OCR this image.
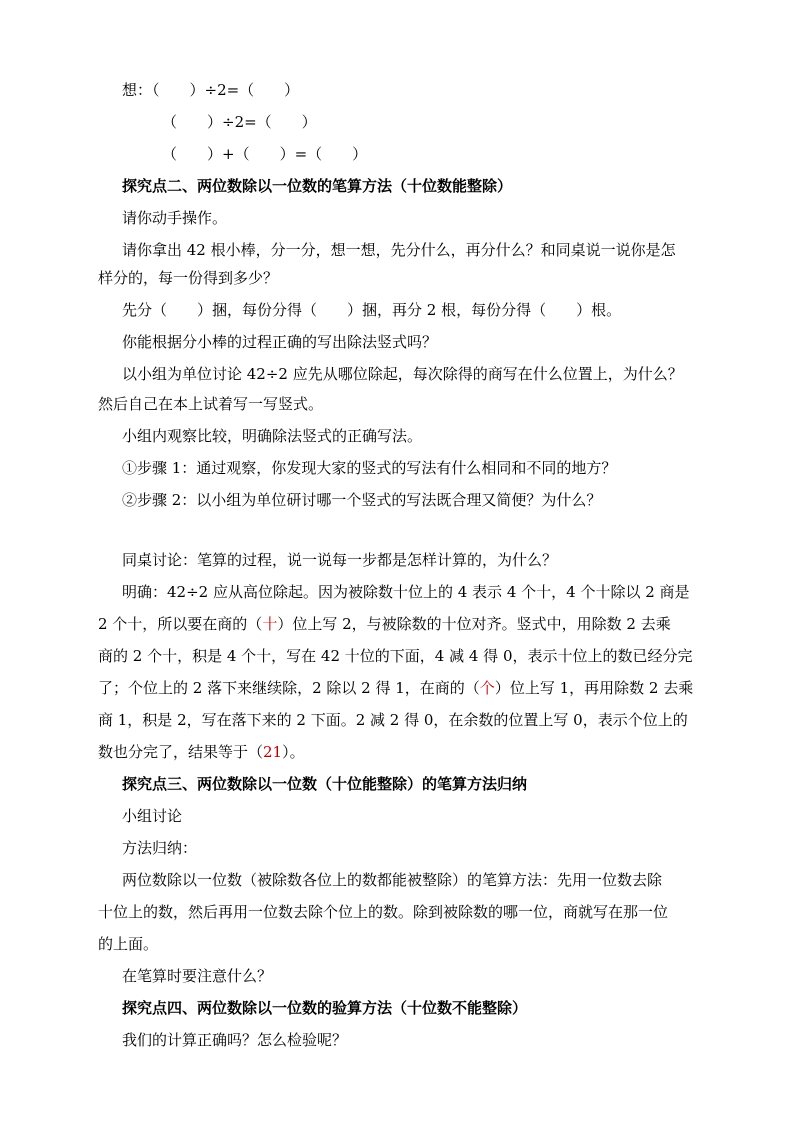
想：（　　）÷2=（　　）
（　　）÷2=（　　）
（　　）+（　　）=（　　）
探究点二、两位数除以一位数的笔算方法（十位数能整除）
请你动手操作。
请你拿出 42 根小棒，分一分，想一想，先分什么，再分什么？和同桌说一说你是怎
样分的，每一份得到多少？
先分（　　）捆，每份分得（　　）捆，再分 2 根，每份分得（　　）根。
你能根据分小棒的过程正确的写出除法竖式吗？
以小组为单位讨论 42÷2 应先从哪位除起，每次除得的商写在什么位置上，为什么？
然后自己在本上试着写一写竖式。
小组内观察比较，明确除法竖式的正确写法。
①步骤 1：通过观察，你发现大家的竖式的写法有什么相同和不同的地方？
②步骤 2：以小组为单位研讨哪一个竖式的写法既合理又简便？为什么？
同桌讨论：笔算的过程，说一说每一步都是怎样计算的，为什么？
明确：42÷2 应从高位除起。因为被除数十位上的 4 表示 4 个十，4 个十除以 2 商是
2 个十，所以要在商的（十）位上写 2，与被除数的十位对齐。竖式中，用除数 2 去乘
商的 2 个十，积是 4 个十，写在 42 十位的下面，4 减 4 得 0，表示十位上的数已经分完
了；个位上的 2 落下来继续除，2 除以 2 得 1，在商的（个）位上写 1，再用除数 2 去乘
商 1，积是 2，写在落下来的 2 下面。2 减 2 得 0，在余数的位置上写 0，表示个位上的
数也分完了，结果等于（21）。
探究点三、两位数除以一位数（十位能整除）的笔算方法归纳
小组讨论
方法归纳：
两位数除以一位数（被除数各位上的数都能被整除）的笔算方法：先用一位数去除
十位上的数，然后再用一位数去除个位上的数。除到被除数的哪一位，商就写在那一位
的上面。
在笔算时要注意什么？
探究点四、两位数除以一位数的验算方法（十位数不能整除）
我们的计算正确吗？怎么检验呢？
